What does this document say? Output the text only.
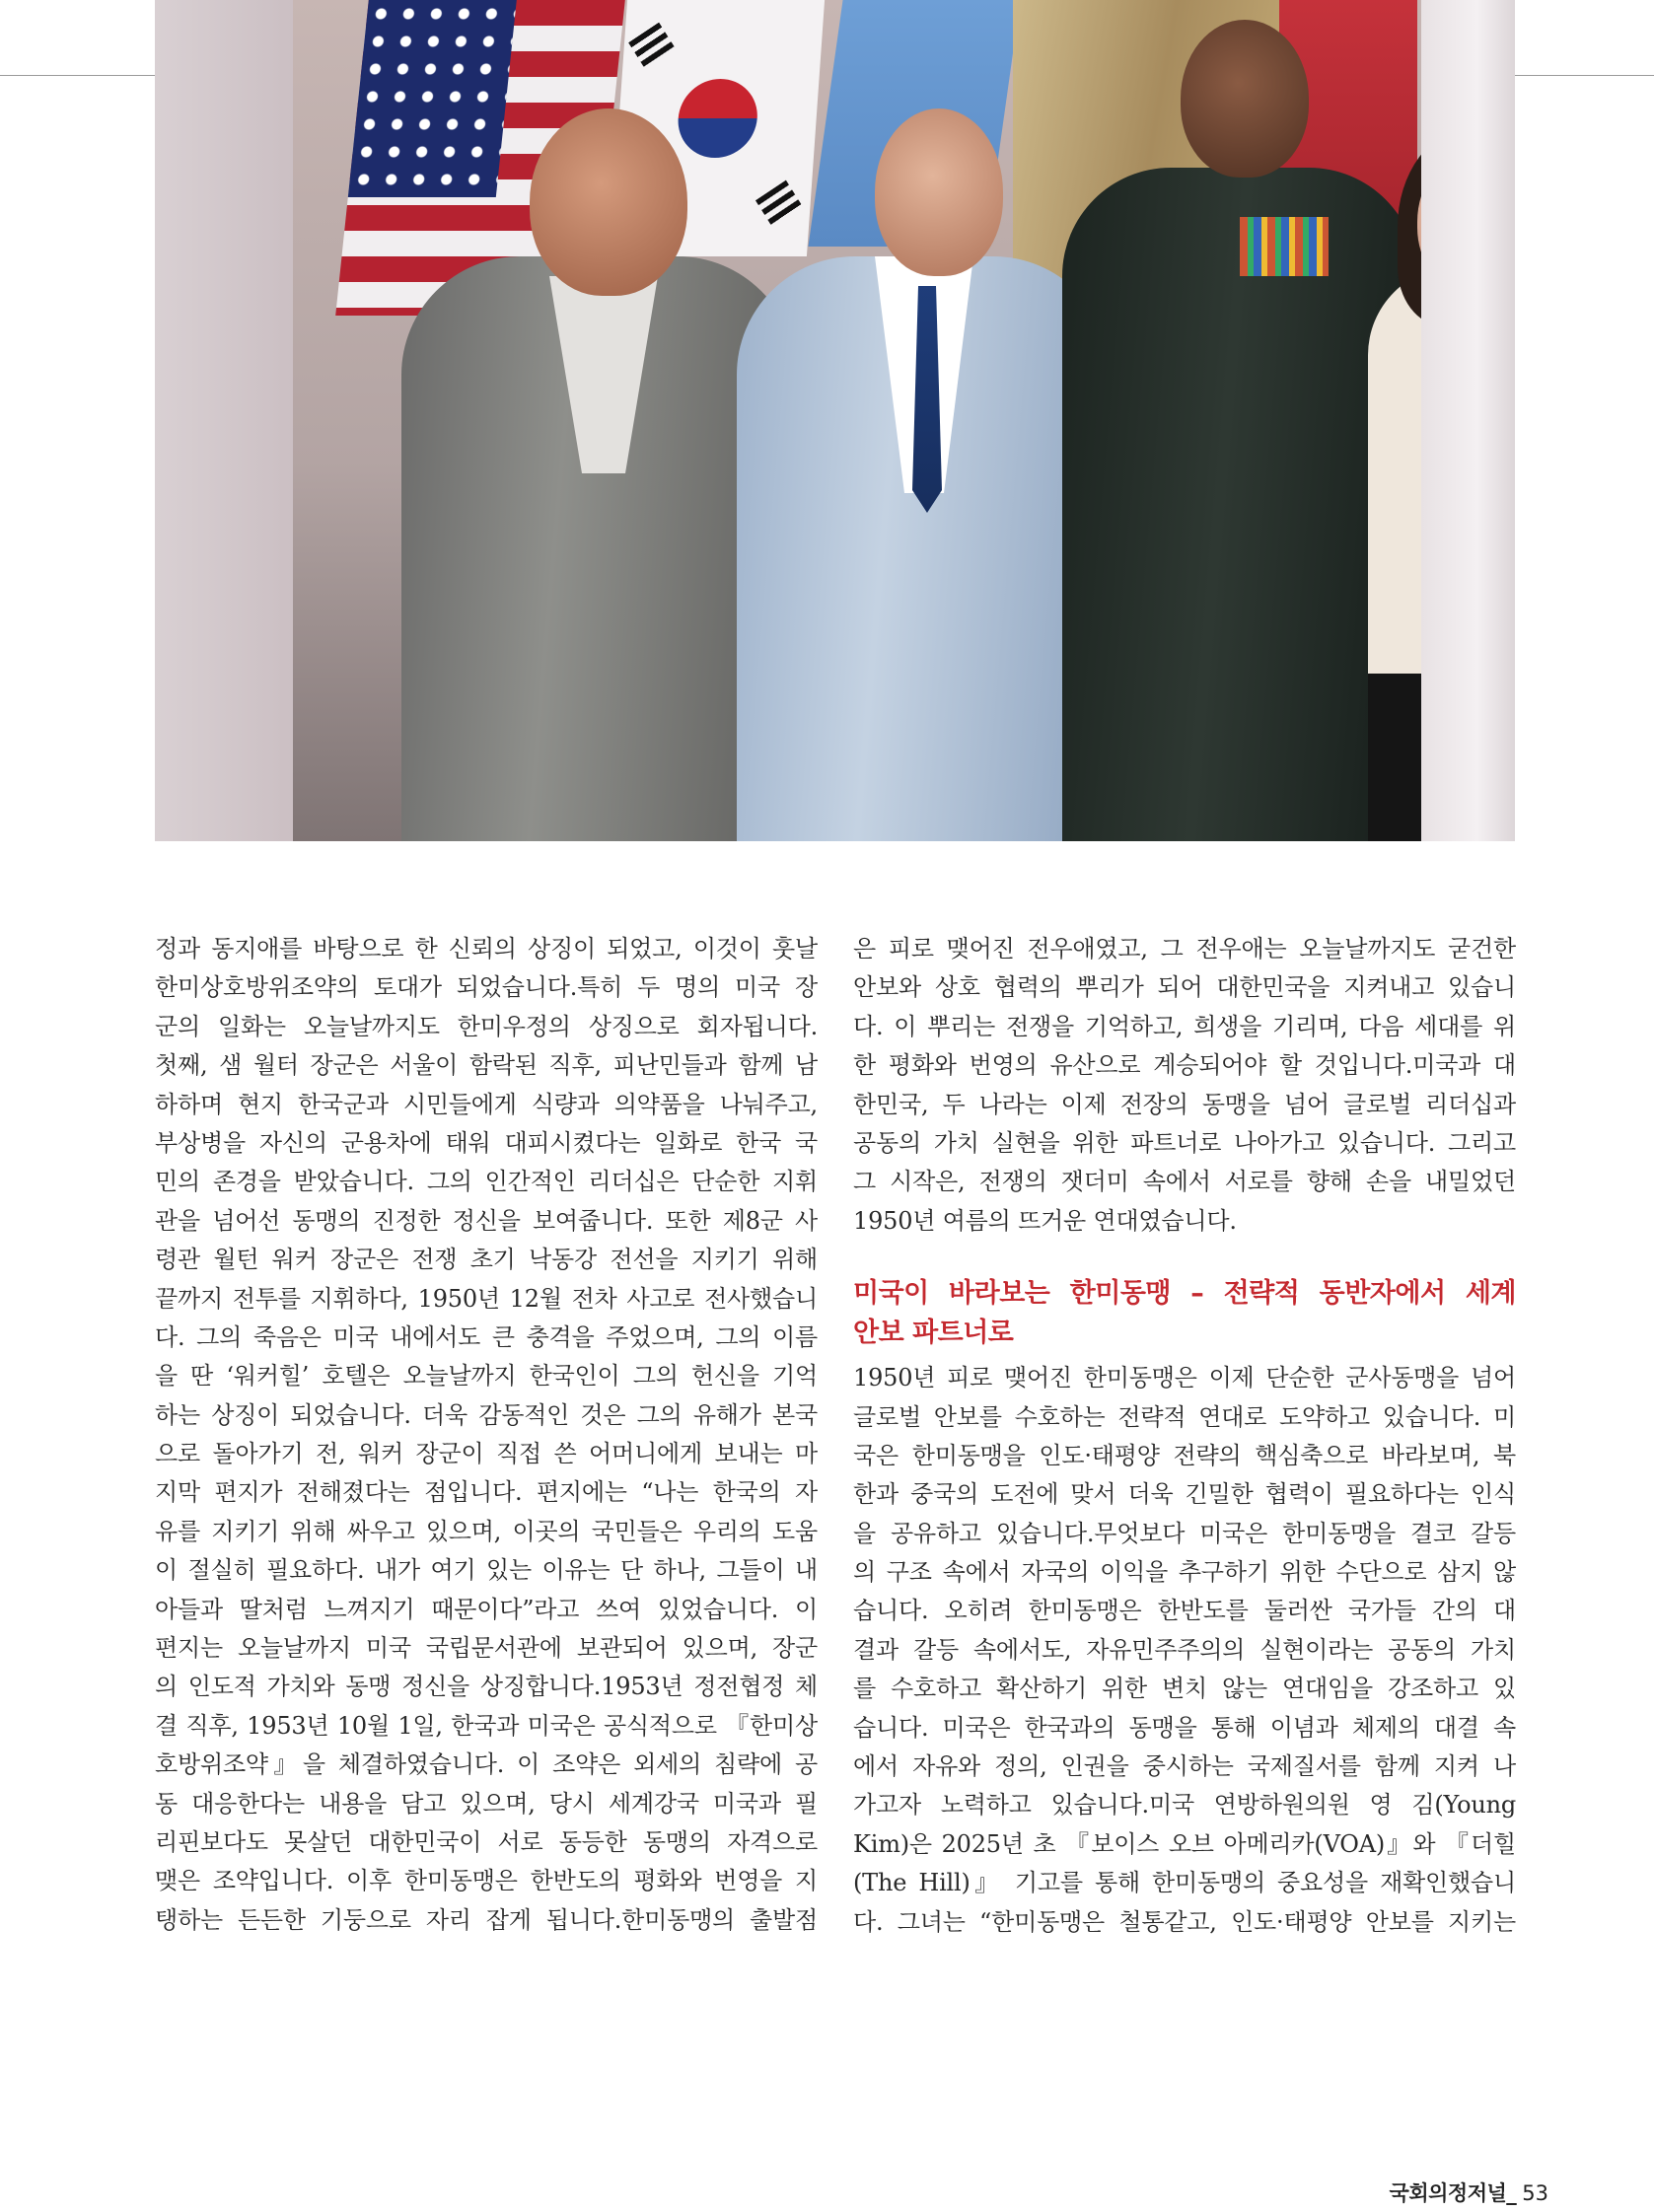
정과 동지애를 바탕으로 한 신뢰의 상징이 되었고, 이것이 훗날
한미상호방위조약의 토대가 되었습니다.특히 두 명의 미국 장
군의 일화는 오늘날까지도 한미우정의 상징으로 회자됩니다.
첫째, 샘 월터 장군은 서울이 함락된 직후, 피난민들과 함께 남
하하며 현지 한국군과 시민들에게 식량과 의약품을 나눠주고,
부상병을 자신의 군용차에 태워 대피시켰다는 일화로 한국 국
민의 존경을 받았습니다. 그의 인간적인 리더십은 단순한 지휘
관을 넘어선 동맹의 진정한 정신을 보여줍니다. 또한 제8군 사
령관 월턴 워커 장군은 전쟁 초기 낙동강 전선을 지키기 위해
끝까지 전투를 지휘하다, 1950년 12월 전차 사고로 전사했습니
다. 그의 죽음은 미국 내에서도 큰 충격을 주었으며, 그의 이름
을 딴 ‘워커힐’ 호텔은 오늘날까지 한국인이 그의 헌신을 기억
하는 상징이 되었습니다. 더욱 감동적인 것은 그의 유해가 본국
으로 돌아가기 전, 워커 장군이 직접 쓴 어머니에게 보내는 마
지막 편지가 전해졌다는 점입니다. 편지에는 “나는 한국의 자
유를 지키기 위해 싸우고 있으며, 이곳의 국민들은 우리의 도움
이 절실히 필요하다. 내가 여기 있는 이유는 단 하나, 그들이 내
아들과 딸처럼 느껴지기 때문이다”라고 쓰여 있었습니다. 이
편지는 오늘날까지 미국 국립문서관에 보관되어 있으며, 장군
의 인도적 가치와 동맹 정신을 상징합니다.1953년 정전협정 체
결 직후, 1953년 10월 1일, 한국과 미국은 공식적으로 『한미상
호방위조약』을 체결하였습니다. 이 조약은 외세의 침략에 공
동 대응한다는 내용을 담고 있으며, 당시 세계강국 미국과 필
리핀보다도 못살던 대한민국이 서로 동등한 동맹의 자격으로
맺은 조약입니다. 이후 한미동맹은 한반도의 평화와 번영을 지
탱하는 든든한 기둥으로 자리 잡게 됩니다.한미동맹의 출발점
은 피로 맺어진 전우애였고, 그 전우애는 오늘날까지도 굳건한
안보와 상호 협력의 뿌리가 되어 대한민국을 지켜내고 있습니
다. 이 뿌리는 전쟁을 기억하고, 희생을 기리며, 다음 세대를 위
한 평화와 번영의 유산으로 계승되어야 할 것입니다.미국과 대
한민국, 두 나라는 이제 전장의 동맹을 넘어 글로벌 리더십과
공동의 가치 실현을 위한 파트너로 나아가고 있습니다. 그리고
그 시작은, 전쟁의 잿더미 속에서 서로를 향해 손을 내밀었던
1950년 여름의 뜨거운 연대였습니다.
미국이 바라보는 한미동맹 – 전략적 동반자에서 세계
안보 파트너로
1950년 피로 맺어진 한미동맹은 이제 단순한 군사동맹을 넘어
글로벌 안보를 수호하는 전략적 연대로 도약하고 있습니다. 미
국은 한미동맹을 인도·태평양 전략의 핵심축으로 바라보며, 북
한과 중국의 도전에 맞서 더욱 긴밀한 협력이 필요하다는 인식
을 공유하고 있습니다.무엇보다 미국은 한미동맹을 결코 갈등
의 구조 속에서 자국의 이익을 추구하기 위한 수단으로 삼지 않
습니다. 오히려 한미동맹은 한반도를 둘러싼 국가들 간의 대
결과 갈등 속에서도, 자유민주주의의 실현이라는 공동의 가치
를 수호하고 확산하기 위한 변치 않는 연대임을 강조하고 있
습니다. 미국은 한국과의 동맹을 통해 이념과 체제의 대결 속
에서 자유와 정의, 인권을 중시하는 국제질서를 함께 지켜 나
가고자 노력하고 있습니다.미국 연방하원의원 영 김(Young
Kim)은 2025년 초 『보이스 오브 아메리카(VOA)』와 『더힐
(The Hill)』 기고를 통해 한미동맹의 중요성을 재확인했습니
다. 그녀는 “한미동맹은 철통같고, 인도·태평양 안보를 지키는
국회의정저널_ 53
